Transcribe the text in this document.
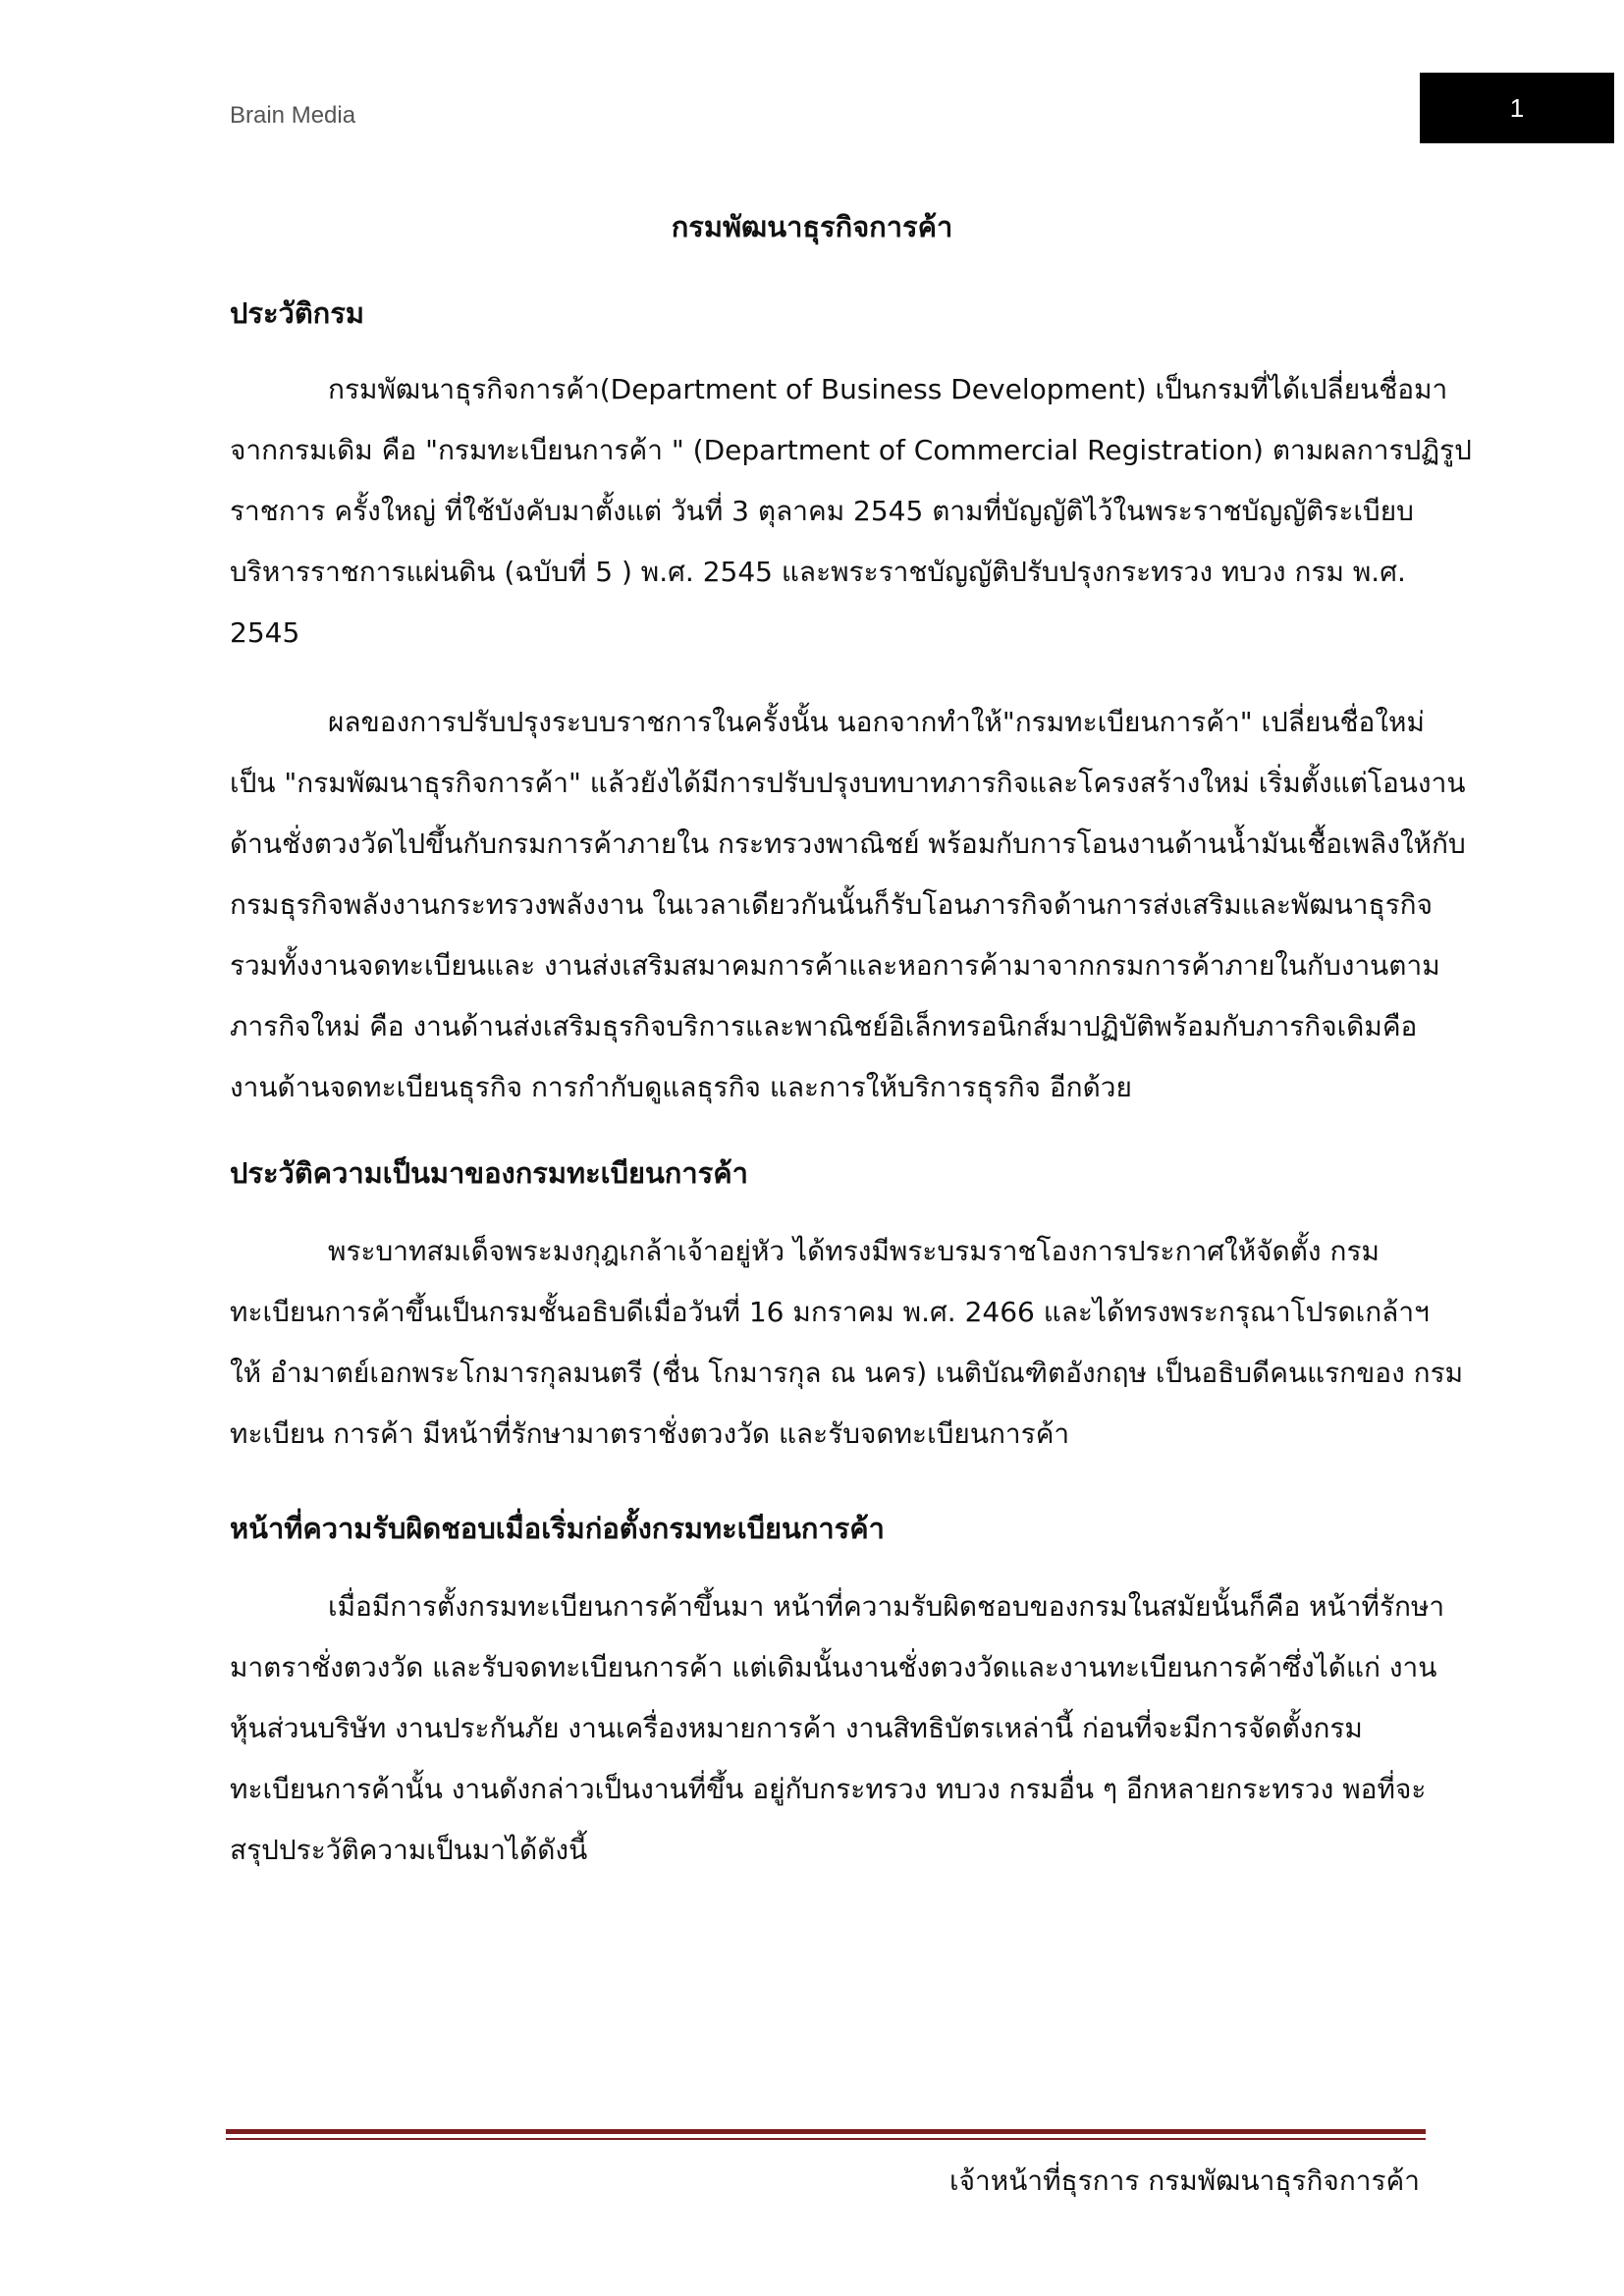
Brain Media	1
กรมพัฒนาธุรกิจการค้า
ประวัติกรม
กรมพัฒนาธุรกิจการค้า(Department of Business Development) เป็นกรมที่ได้เปลี่ยนชื่อมา
จากกรมเดิม คือ "กรมทะเบียนการค้า " (Department of Commercial Registration) ตามผลการปฏิรูป
ราชการ ครั้งใหญ่ ที่ใช้บังคับมาตั้งแต่ วันที่ 3 ตุลาคม 2545 ตามที่บัญญัติไว้ในพระราชบัญญัติระเบียบ
บริหารราชการแผ่นดิน (ฉบับที่ 5 ) พ.ศ. 2545 และพระราชบัญญัติปรับปรุงกระทรวง ทบวง กรม พ.ศ.
2545
ผลของการปรับปรุงระบบราชการในครั้งนั้น นอกจากทำให้"กรมทะเบียนการค้า" เปลี่ยนชื่อใหม่
เป็น "กรมพัฒนาธุรกิจการค้า" แล้วยังได้มีการปรับปรุงบทบาทภารกิจและโครงสร้างใหม่ เริ่มตั้งแต่โอนงาน
ด้านชั่งตวงวัดไปขึ้นกับกรมการค้าภายใน กระทรวงพาณิชย์ พร้อมกับการโอนงานด้านน้ำมันเชื้อเพลิงให้กับ
กรมธุรกิจพลังงานกระทรวงพลังงาน ในเวลาเดียวกันนั้นก็รับโอนภารกิจด้านการส่งเสริมและพัฒนาธุรกิจ
รวมทั้งงานจดทะเบียนและ งานส่งเสริมสมาคมการค้าและหอการค้ามาจากกรมการค้าภายในกับงานตาม
ภารกิจใหม่ คือ งานด้านส่งเสริมธุรกิจบริการและพาณิชย์อิเล็กทรอนิกส์มาปฏิบัติพร้อมกับภารกิจเดิมคือ
งานด้านจดทะเบียนธุรกิจ การกำกับดูแลธุรกิจ และการให้บริการธุรกิจ อีกด้วย
ประวัติความเป็นมาของกรมทะเบียนการค้า
พระบาทสมเด็จพระมงกุฎเกล้าเจ้าอยู่หัว ได้ทรงมีพระบรมราชโองการประกาศให้จัดตั้ง กรม
ทะเบียนการค้าขึ้นเป็นกรมชั้นอธิบดีเมื่อวันที่ 16 มกราคม พ.ศ. 2466 และได้ทรงพระกรุณาโปรดเกล้าฯ
ให้ อำมาตย์เอกพระโกมารกุลมนตรี (ชื่น โกมารกุล ณ นคร) เนติบัณฑิตอังกฤษ เป็นอธิบดีคนแรกของ กรม
ทะเบียน การค้า มีหน้าที่รักษามาตราชั่งตวงวัด และรับจดทะเบียนการค้า
หน้าที่ความรับผิดชอบเมื่อเริ่มก่อตั้งกรมทะเบียนการค้า
เมื่อมีการตั้งกรมทะเบียนการค้าขึ้นมา หน้าที่ความรับผิดชอบของกรมในสมัยนั้นก็คือ หน้าที่รักษา
มาตราชั่งตวงวัด และรับจดทะเบียนการค้า แต่เดิมนั้นงานชั่งตวงวัดและงานทะเบียนการค้าซึ่งได้แก่ งาน
หุ้นส่วนบริษัท งานประกันภัย งานเครื่องหมายการค้า งานสิทธิบัตรเหล่านี้ ก่อนที่จะมีการจัดตั้งกรม
ทะเบียนการค้านั้น งานดังกล่าวเป็นงานที่ขึ้น อยู่กับกระทรวง ทบวง กรมอื่น ๆ อีกหลายกระทรวง พอที่จะ
สรุปประวัติความเป็นมาได้ดังนี้
เจ้าหน้าที่ธุรการ กรมพัฒนาธุรกิจการค้า
